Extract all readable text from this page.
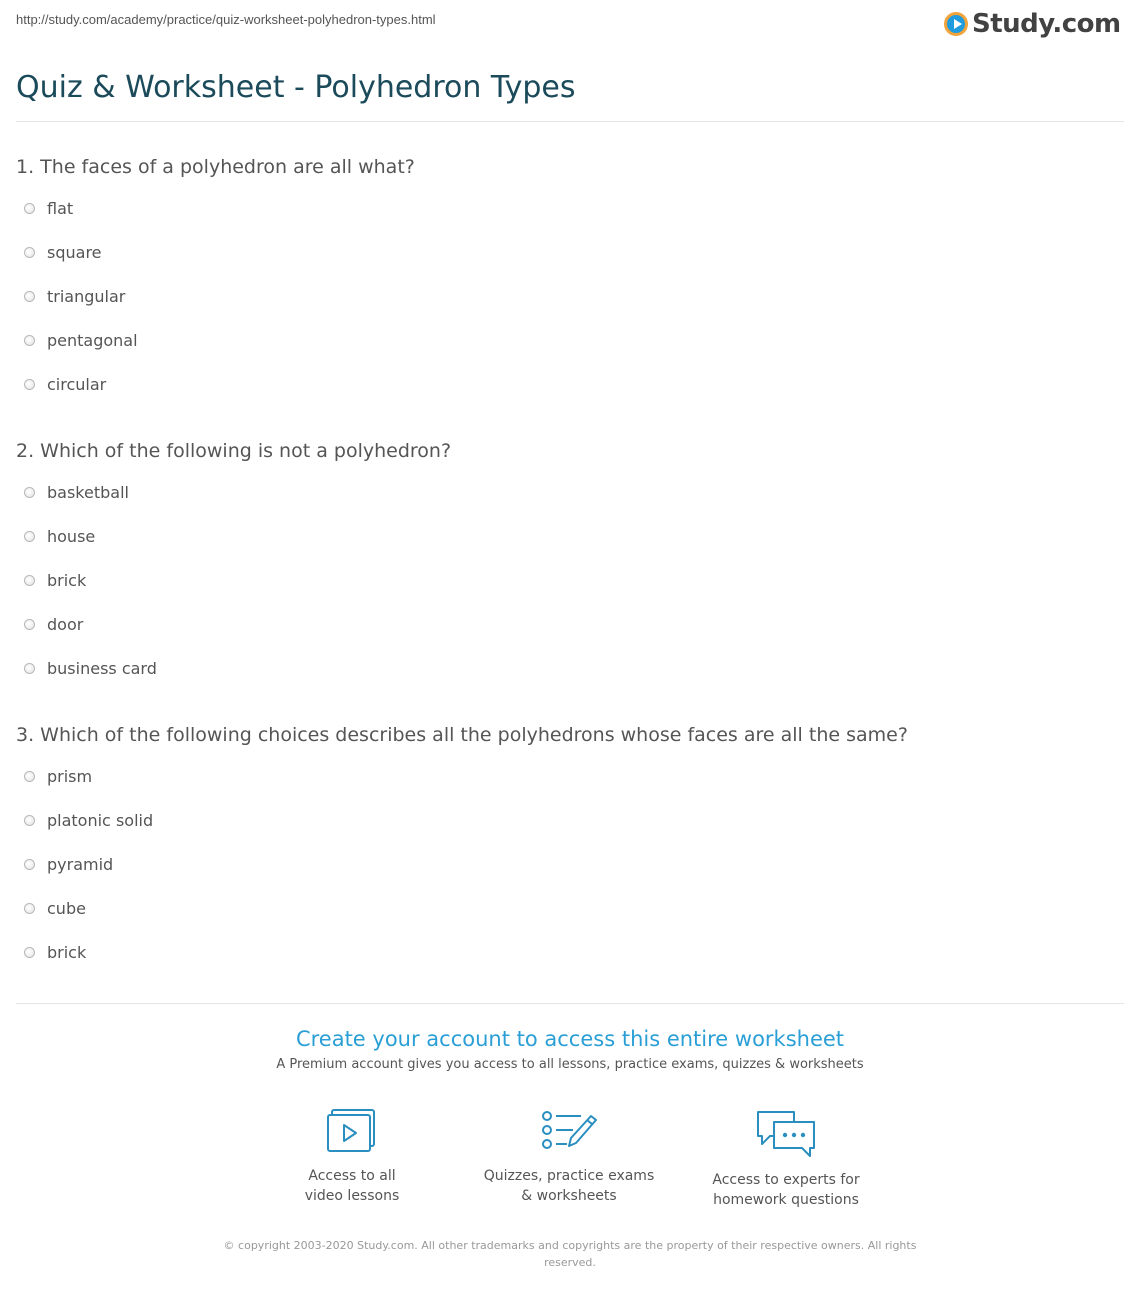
http://study.com/academy/practice/quiz-worksheet-polyhedron-types.html	Study.com
Quiz & Worksheet - Polyhedron Types
1. The faces of a polyhedron are all what?
flat
square
triangular
pentagonal
circular
2. Which of the following is not a polyhedron?
basketball
house
brick
door
business card
3. Which of the following choices describes all the polyhedrons whose faces are all the same?
prism
platonic solid
pyramid
cube
brick
Create your account to access this entire worksheet
A Premium account gives you access to all lessons, practice exams, quizzes & worksheets
Access to all
video lessons
Quizzes, practice exams
& worksheets
Access to experts for
homework questions
© copyright 2003-2020 Study.com. All other trademarks and copyrights are the property of their respective owners. All rights reserved.
